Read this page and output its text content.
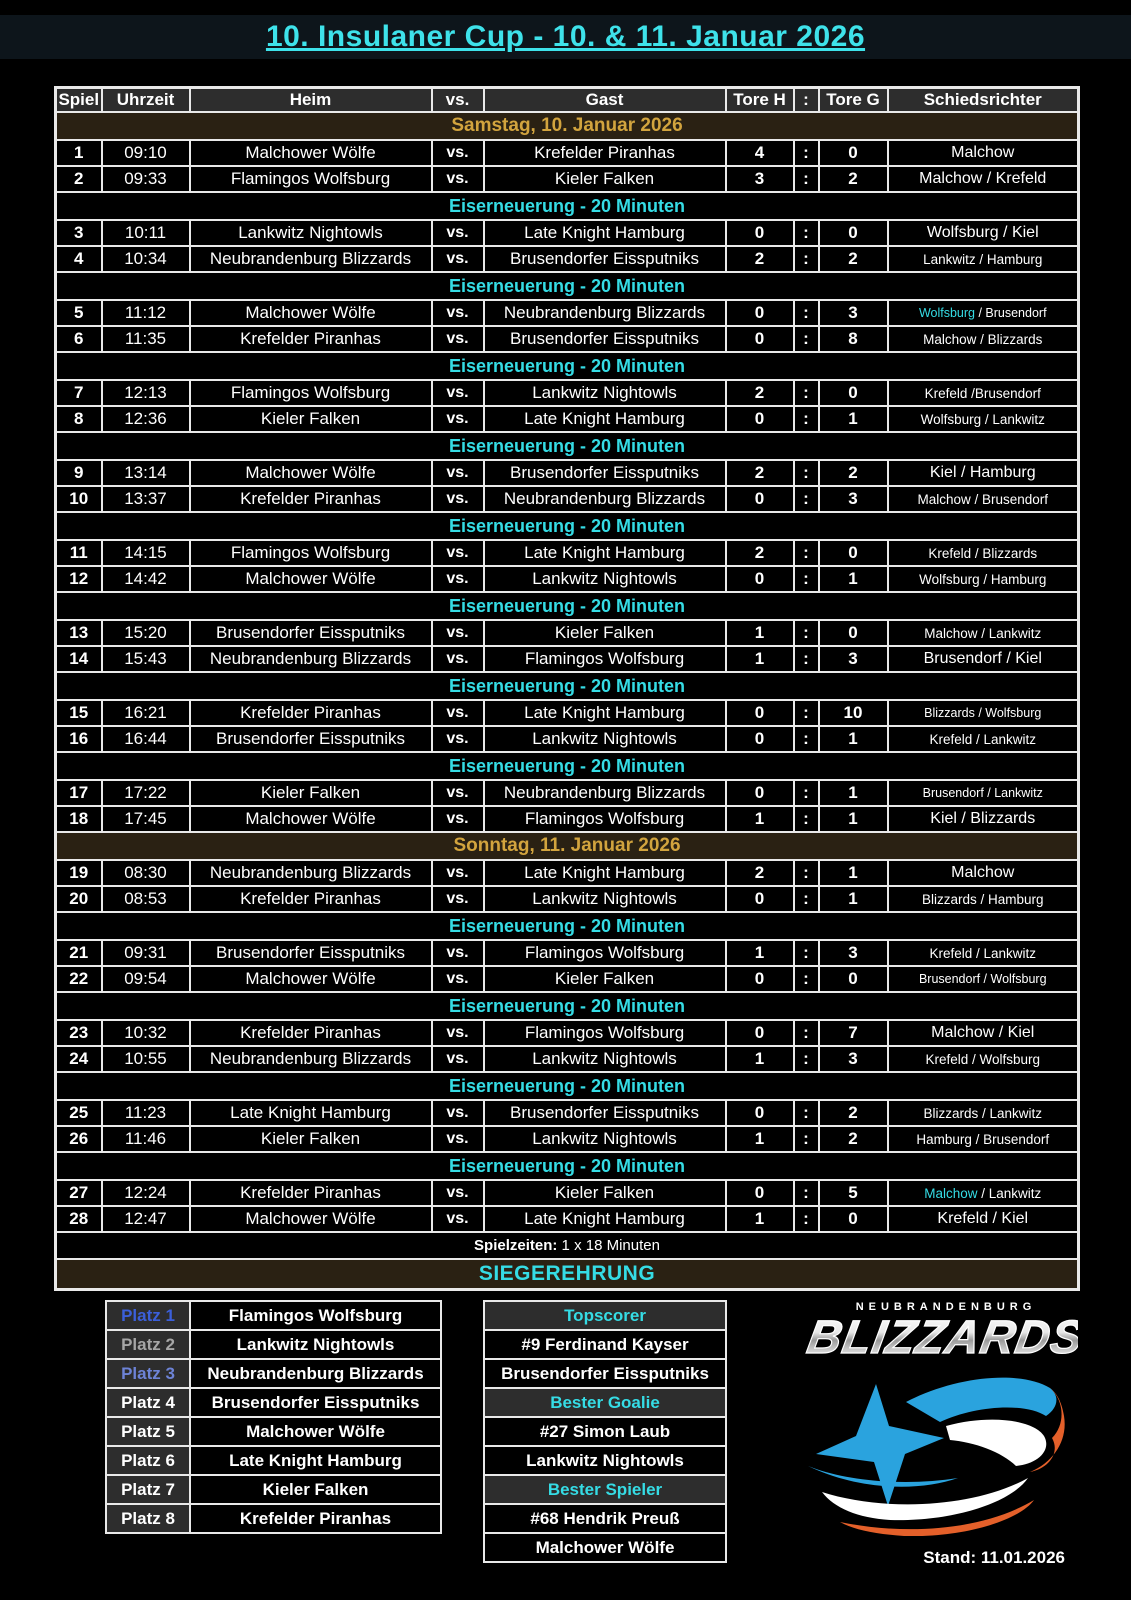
10. Insulaner Cup - 10. & 11. Januar 2026
Spiel	Uhrzeit	Heim	vs.	Gast	Tore H	:	Tore G	Schiedsrichter
Samstag, 10. Januar 2026								
1	09:10	Malchower Wölfe	vs.	Krefelder Piranhas	4	:	0	Malchow
2	09:33	Flamingos Wolfsburg	vs.	Kieler Falken	3	:	2	Malchow / Krefeld
Eiserneuerung - 20 Minuten								
3	10:11	Lankwitz Nightowls	vs.	Late Knight Hamburg	0	:	0	Wolfsburg / Kiel
4	10:34	Neubrandenburg Blizzards	vs.	Brusendorfer Eissputniks	2	:	2	Lankwitz / Hamburg
Eiserneuerung - 20 Minuten								
5	11:12	Malchower Wölfe	vs.	Neubrandenburg Blizzards	0	:	3	Wolfsburg / Brusendorf
6	11:35	Krefelder Piranhas	vs.	Brusendorfer Eissputniks	0	:	8	Malchow / Blizzards
Eiserneuerung - 20 Minuten								
7	12:13	Flamingos Wolfsburg	vs.	Lankwitz Nightowls	2	:	0	Krefeld /Brusendorf
8	12:36	Kieler Falken	vs.	Late Knight Hamburg	0	:	1	Wolfsburg / Lankwitz
Eiserneuerung - 20 Minuten								
9	13:14	Malchower Wölfe	vs.	Brusendorfer Eissputniks	2	:	2	Kiel / Hamburg
10	13:37	Krefelder Piranhas	vs.	Neubrandenburg Blizzards	0	:	3	Malchow / Brusendorf
Eiserneuerung - 20 Minuten								
11	14:15	Flamingos Wolfsburg	vs.	Late Knight Hamburg	2	:	0	Krefeld / Blizzards
12	14:42	Malchower Wölfe	vs.	Lankwitz Nightowls	0	:	1	Wolfsburg / Hamburg
Eiserneuerung - 20 Minuten								
13	15:20	Brusendorfer Eissputniks	vs.	Kieler Falken	1	:	0	Malchow / Lankwitz
14	15:43	Neubrandenburg Blizzards	vs.	Flamingos Wolfsburg	1	:	3	Brusendorf / Kiel
Eiserneuerung - 20 Minuten								
15	16:21	Krefelder Piranhas	vs.	Late Knight Hamburg	0	:	10	Blizzards / Wolfsburg
16	16:44	Brusendorfer Eissputniks	vs.	Lankwitz Nightowls	0	:	1	Krefeld / Lankwitz
Eiserneuerung - 20 Minuten								
17	17:22	Kieler Falken	vs.	Neubrandenburg Blizzards	0	:	1	Brusendorf / Lankwitz
18	17:45	Malchower Wölfe	vs.	Flamingos Wolfsburg	1	:	1	Kiel / Blizzards
Sonntag, 11. Januar 2026								
19	08:30	Neubrandenburg Blizzards	vs.	Late Knight Hamburg	2	:	1	Malchow
20	08:53	Krefelder Piranhas	vs.	Lankwitz Nightowls	0	:	1	Blizzards / Hamburg
Eiserneuerung - 20 Minuten								
21	09:31	Brusendorfer Eissputniks	vs.	Flamingos Wolfsburg	1	:	3	Krefeld / Lankwitz
22	09:54	Malchower Wölfe	vs.	Kieler Falken	0	:	0	Brusendorf / Wolfsburg
Eiserneuerung - 20 Minuten								
23	10:32	Krefelder Piranhas	vs.	Flamingos Wolfsburg	0	:	7	Malchow / Kiel
24	10:55	Neubrandenburg Blizzards	vs.	Lankwitz Nightowls	1	:	3	Krefeld / Wolfsburg
Eiserneuerung - 20 Minuten								
25	11:23	Late Knight Hamburg	vs.	Brusendorfer Eissputniks	0	:	2	Blizzards / Lankwitz
26	11:46	Kieler Falken	vs.	Lankwitz Nightowls	1	:	2	Hamburg / Brusendorf
Eiserneuerung - 20 Minuten								
27	12:24	Krefelder Piranhas	vs.	Kieler Falken	0	:	5	Malchow / Lankwitz
28	12:47	Malchower Wölfe	vs.	Late Knight Hamburg	1	:	0	Krefeld / Kiel
Spielzeiten: 1 x 18 Minuten								
SIEGEREHRUNG								
Platz 1	Flamingos Wolfsburg
Platz 2	Lankwitz Nightowls
Platz 3	Neubrandenburg Blizzards
Platz 4	Brusendorfer Eissputniks
Platz 5	Malchower Wölfe
Platz 6	Late Knight Hamburg
Platz 7	Kieler Falken
Platz 8	Krefelder Piranhas
Topscorer
#9 Ferdinand Kayser
Brusendorfer Eissputniks
Bester Goalie
#27 Simon Laub
Lankwitz Nightowls
Bester Spieler
#68 Hendrik Preuß
Malchower Wölfe
NEUBRANDENBURG
BLIZZARDS
Stand: 11.01.2026
